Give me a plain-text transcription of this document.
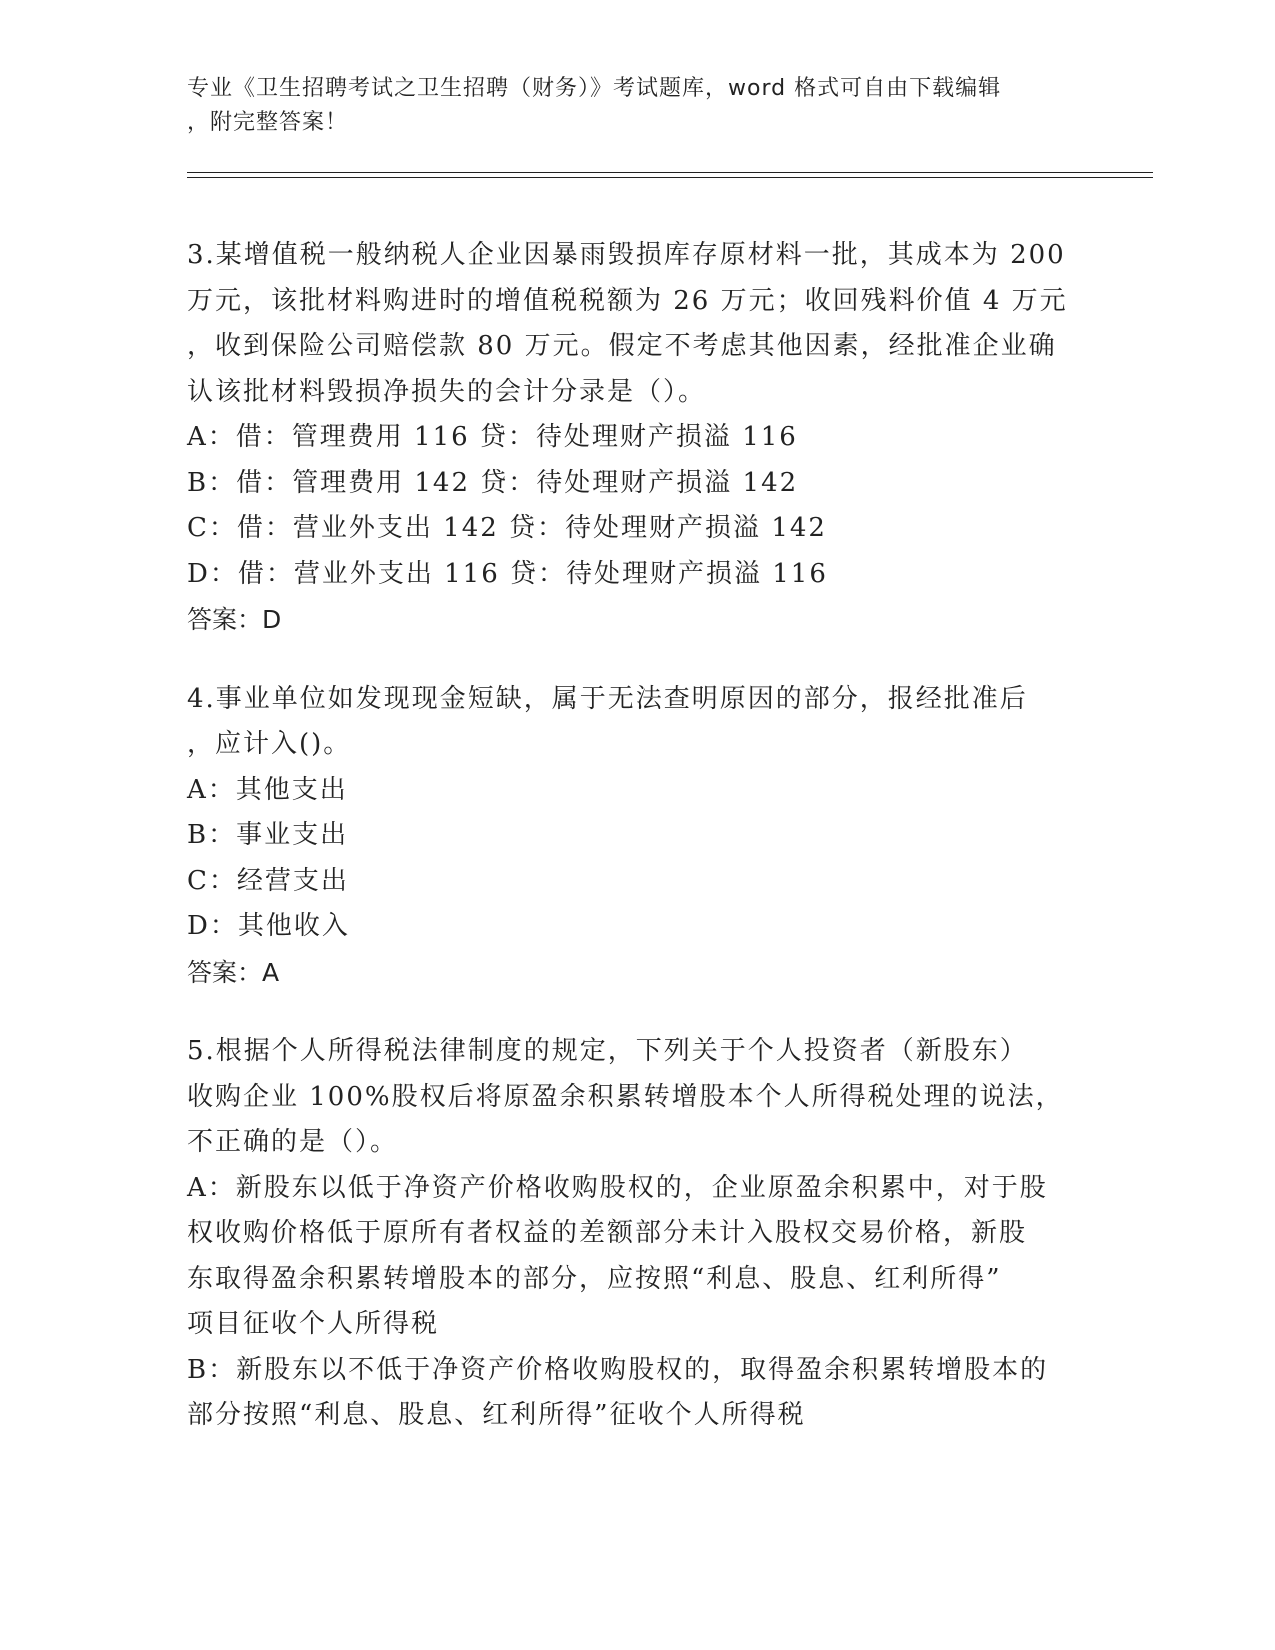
专业《卫生招聘考试之卫生招聘（财务）》考试题库，word 格式可自由下载编辑
，附完整答案！

3.某增值税一般纳税人企业因暴雨毁损库存原材料一批，其成本为 200

万元，该批材料购进时的增值税税额为 26 万元；收回残料价值 4 万元

，收到保险公司赔偿款 80 万元。假定不考虑其他因素，经批准企业确

认该批材料毁损净损失的会计分录是（）。

A：借：管理费用 116 贷：待处理财产损溢 116

B：借：管理费用 142 贷：待处理财产损溢 142

C：借：营业外支出 142 贷：待处理财产损溢 142

D：借：营业外支出 116 贷：待处理财产损溢 116

答案：D

4.事业单位如发现现金短缺，属于无法查明原因的部分，报经批准后

，应计入()。

A：其他支出

B：事业支出

C：经营支出

D：其他收入

答案：A

5.根据个人所得税法律制度的规定，下列关于个人投资者（新股东）

收购企业 100%股权后将原盈余积累转增股本个人所得税处理的说法，

不正确的是（）。

A：新股东以低于净资产价格收购股权的，企业原盈余积累中，对于股

权收购价格低于原所有者权益的差额部分未计入股权交易价格，新股

东取得盈余积累转增股本的部分，应按照“利息、股息、红利所得”

项目征收个人所得税

B：新股东以不低于净资产价格收购股权的，取得盈余积累转增股本的

部分按照“利息、股息、红利所得”征收个人所得税
